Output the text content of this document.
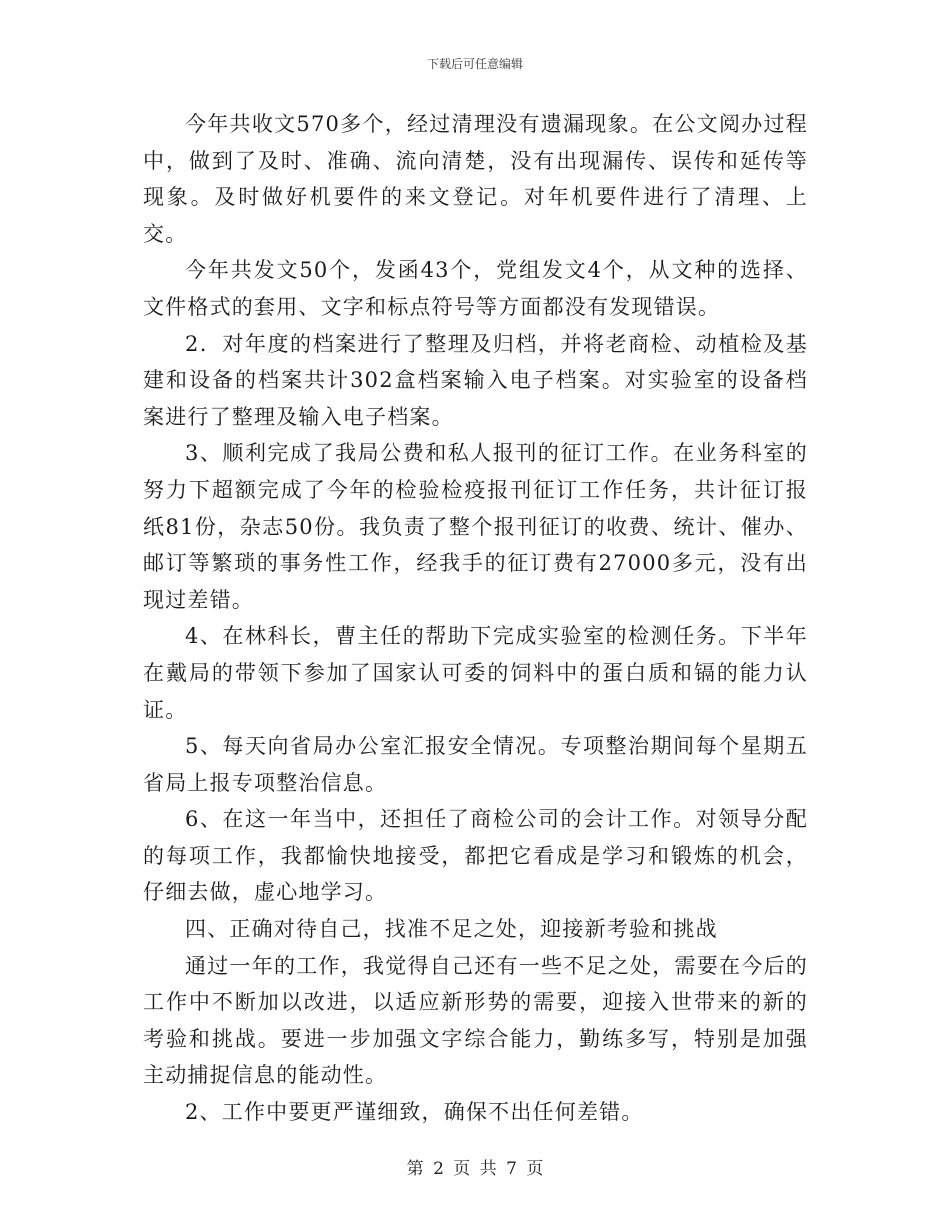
下载后可任意编辑

今年共收文570多个，经过清理没有遗漏现象。在公文阅办过程中，做到了及时、准确、流向清楚，没有出现漏传、误传和延传等现象。及时做好机要件的来文登记。对年机要件进行了清理、上交。

今年共发文50个，发函43个，党组发文4个，从文种的选择、文件格式的套用、文字和标点符号等方面都没有发现错误。

2．对年度的档案进行了整理及归档，并将老商检、动植检及基建和设备的档案共计302盒档案输入电子档案。对实验室的设备档案进行了整理及输入电子档案。

3、顺利完成了我局公费和私人报刊的征订工作。在业务科室的努力下超额完成了今年的检验检疫报刊征订工作任务，共计征订报纸81份，杂志50份。我负责了整个报刊征订的收费、统计、催办、邮订等繁琐的事务性工作，经我手的征订费有27000多元，没有出现过差错。

4、在林科长，曹主任的帮助下完成实验室的检测任务。下半年在戴局的带领下参加了国家认可委的饲料中的蛋白质和镉的能力认证。

5、每天向省局办公室汇报安全情况。专项整治期间每个星期五省局上报专项整治信息。

6、在这一年当中，还担任了商检公司的会计工作。对领导分配的每项工作，我都愉快地接受，都把它看成是学习和锻炼的机会，仔细去做，虚心地学习。

四、正确对待自己，找准不足之处，迎接新考验和挑战

通过一年的工作，我觉得自己还有一些不足之处，需要在今后的工作中不断加以改进，以适应新形势的需要，迎接入世带来的新的考验和挑战。要进一步加强文字综合能力，勤练多写，特别是加强主动捕捉信息的能动性。

2、工作中要更严谨细致，确保不出任何差错。

第 2 页 共 7 页
